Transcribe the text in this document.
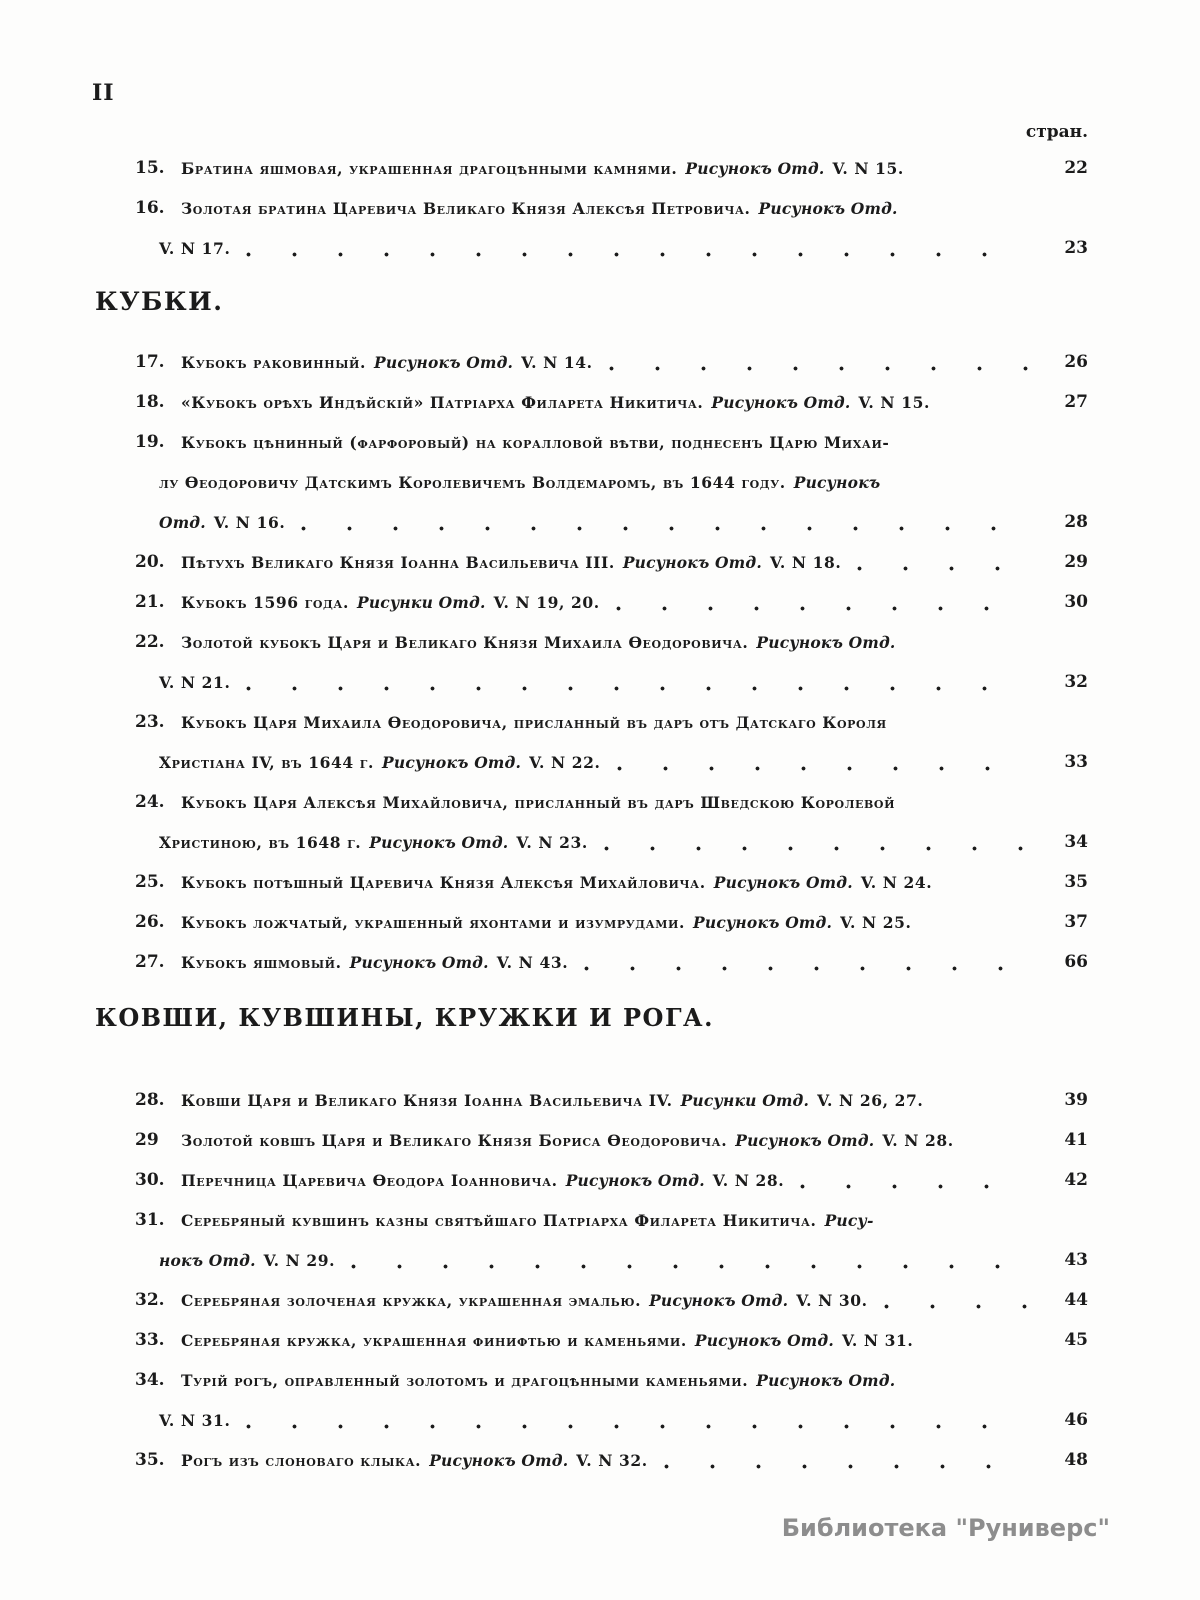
II
стран.
15.	Братина яшмовая, украшенная драгоцѣнными камнями. Рисунокъ Отд. V. N 15.	22
16.	Золотая братина Царевича Великаго Князя Алексѣя Петровича. Рисунокъ Отд.
V. N 17.	23
КУБКИ.
17.	Кубокъ раковинный. Рисунокъ Отд. V. N 14.	26
18.	«Кубокъ орѣхъ Индѣйскій» Патріарха Филарета Никитича. Рисунокъ Отд. V. N 15.	27
19.	Кубокъ цѣнинный (фарфоровый) на коралловой вѣтви, поднесенъ Царю Михаи-
лу Ѳеодоровичу Датскимъ Королевичемъ Волдемаромъ, въ 1644 году. Рисунокъ
Отд. V. N 16.	28
20.	Пѣтухъ Великаго Князя Іоанна Васильевича III. Рисунокъ Отд. V. N 18.	29
21.	Кубокъ 1596 года. Рисунки Отд. V. N 19, 20.	30
22.	Золотой кубокъ Царя и Великаго Князя Михаила Ѳеодоровича. Рисунокъ Отд.
V. N 21.	32
23.	Кубокъ Царя Михаила Ѳеодоровича, присланный въ даръ отъ Датскаго Короля
Христіана IV, въ 1644 г. Рисунокъ Отд. V. N 22.	33
24.	Кубокъ Царя Алексѣя Михайловича, присланный въ даръ Шведскою Королевой
Христиною, въ 1648 г. Рисунокъ Отд. V. N 23.	34
25.	Кубокъ потѣшный Царевича Князя Алексѣя Михайловича. Рисунокъ Отд. V. N 24.	35
26.	Кубокъ ложчатый, украшенный яхонтами и изумрудами. Рисунокъ Отд. V. N 25.	37
27.	Кубокъ яшмовый. Рисунокъ Отд. V. N 43.	66
КОВШИ, КУВШИНЫ, КРУЖКИ И РОГА.
28.	Ковши Царя и Великаго Князя Іоанна Васильевича IV. Рисунки Отд. V. N 26, 27.	39
29	Золотой ковшъ Царя и Великаго Князя Бориса Ѳеодоровича. Рисунокъ Отд. V. N 28.	41
30.	Перечница Царевича Ѳеодора Іоанновича. Рисунокъ Отд. V. N 28.	42
31.	Серебряный кувшинъ казны святѣйшаго Патріарха Филарета Никитича. Рису-
нокъ Отд. V. N 29.	43
32.	Серебряная золоченая кружка, украшенная эмалью. Рисунокъ Отд. V. N 30.	44
33.	Серебряная кружка, украшенная финифтью и каменьями. Рисунокъ Отд. V. N 31.	45
34.	Турій рогъ, оправленный золотомъ и драгоцѣнными каменьями. Рисунокъ Отд.
V. N 31.	46
35.	Рогъ изъ слоноваго клыка. Рисунокъ Отд. V. N 32.	48
Библиотека "Руниверс"
